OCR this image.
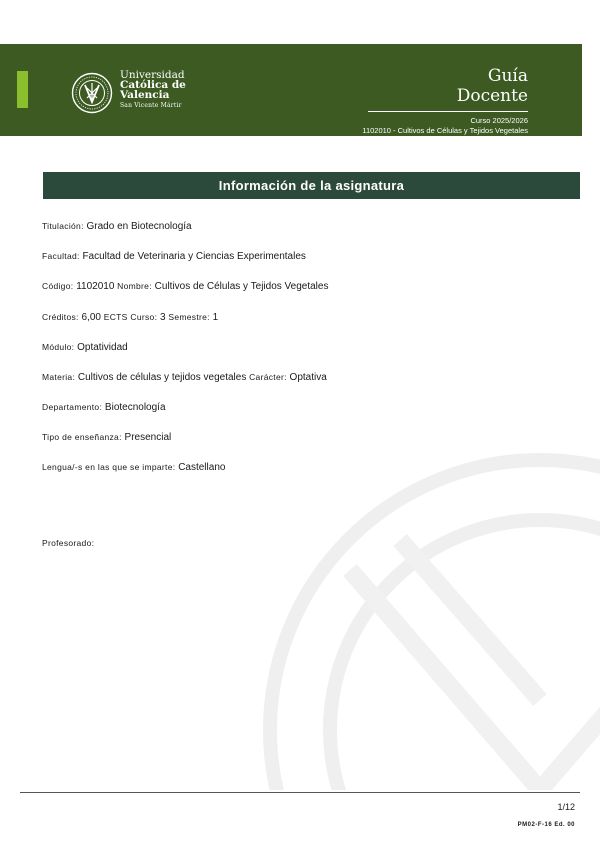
Universidad
Católica de
Valencia
San Vicente Mártir
Guía
Docente
Curso 2025/2026
1102010 - Cultivos de Células y Tejidos Vegetales
Información de la asignatura
Titulación: Grado en Biotecnología
Facultad: Facultad de Veterinaria y Ciencias Experimentales
Código: 1102010 Nombre: Cultivos de Células y Tejidos Vegetales
Créditos: 6,00 ECTS Curso: 3 Semestre: 1
Módulo: Optatividad
Materia: Cultivos de células y tejidos vegetales Carácter: Optativa
Departamento: Biotecnología
Tipo de enseñanza: Presencial
Lengua/-s en las que se imparte: Castellano
Profesorado:
1/12
PM02-F-16 Ed. 00
